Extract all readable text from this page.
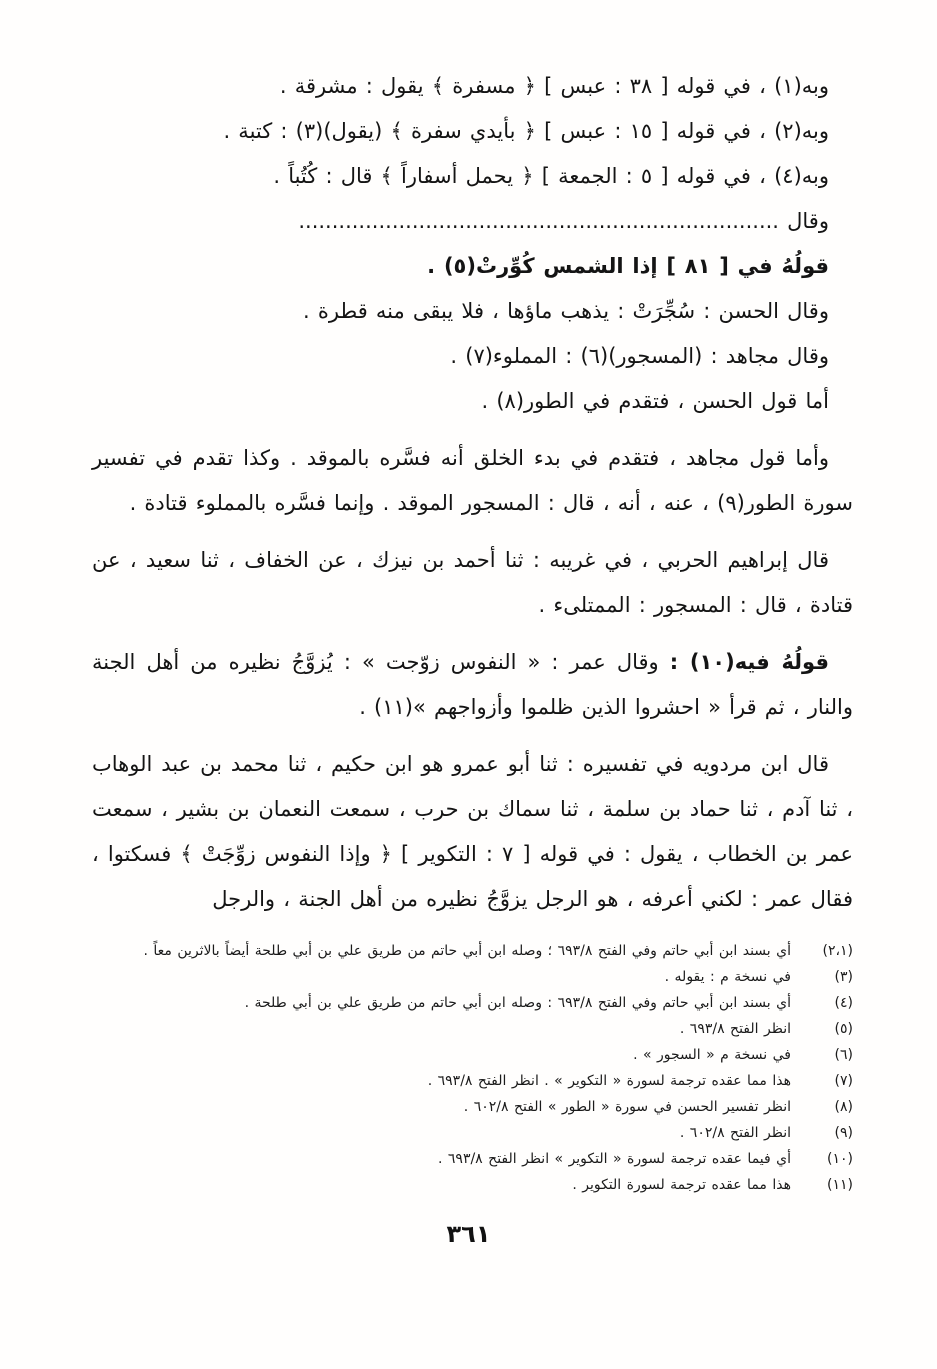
وبه(١) ، في قوله [ ٣٨ : عبس ] ﴿ مسفرة ﴾ يقول : مشرقة .

وبه(٢) ، في قوله [ ١٥ : عبس ] ﴿ بأيدي سفرة ﴾ (يقول)(٣) : كتبة .

وبه(٤) ، في قوله [ ٥ : الجمعة ] ﴿ يحمل أسفاراً ﴾ قال : كُتُباً .

وقال ........................................................................

قولُهُ في [ ٨١ ] إذا الشمس كُوِّرتْ(٥) .

وقال الحسن : سُجِّرَتْ : يذهب ماؤها ، فلا يبقى منه قطرة .

وقال مجاهد : (المسجور)(٦) : المملوء(٧) .

أما قول الحسن ، فتقدم في الطور(٨) .

وأما قول مجاهد ، فتقدم في بدء الخلق أنه فسَّره بالموقد . وكذا تقدم في تفسير سورة الطور(٩) ، عنه ، أنه ، قال : المسجور الموقد . وإنما فسَّره بالمملوء قتادة .

قال إبراهيم الحربي ، في غريبه : ثنا أحمد بن نيزك ، عن الخفاف ، ثنا سعيد ، عن قتادة ، قال : المسجور : الممتلىء .

قولُهُ فيه(١٠) : وقال عمر : « النفوس زوّجت » : يُزوَّجُ نظيره من أهل الجنة والنار ، ثم قرأ « احشروا الذين ظلموا وأزواجهم »(١١) .

قال ابن مردويه في تفسيره : ثنا أبو عمرو هو ابن حكيم ، ثنا محمد بن عبد الوهاب ، ثنا آدم ، ثنا حماد بن سلمة ، ثنا سماك بن حرب ، سمعت النعمان بن بشير ، سمعت عمر بن الخطاب ، يقول : في قوله [ ٧ : التكوير ] ﴿ وإذا النفوس زوِّجَتْ ﴾ فسكتوا ، فقال عمر : لكني أعرفه ، هو الرجل يزوَّجُ نظيره من أهل الجنة ، والرجل

(٢،١)
أي بسند ابن أبي حاتم وفي الفتح ٦٩٣/٨ ؛ وصله ابن أبي حاتم من طريق علي بن أبي طلحة أيضاً بالاثرين معاً .
(٣)
في نسخة م : يقوله .
(٤)
أي بسند ابن أبي حاتم وفي الفتح ٦٩٣/٨ : وصله ابن أبي حاتم من طريق علي بن أبي طلحة .
(٥)
انظر الفتح ٦٩٣/٨ .
(٦)
في نسخة م « السجور » .
(٧)
هذا مما عقده ترجمة لسورة « التكوير » . انظر الفتح ٦٩٣/٨ .
(٨)
انظر تفسير الحسن في سورة « الطور » الفتح ٦٠٢/٨ .
(٩)
انظر الفتح ٦٠٢/٨ .
(١٠)
أي فيما عقده ترجمة لسورة « التكوير » انظر الفتح ٦٩٣/٨ .
(١١)
هذا مما عقده ترجمة لسورة التكوير .
٣٦١
